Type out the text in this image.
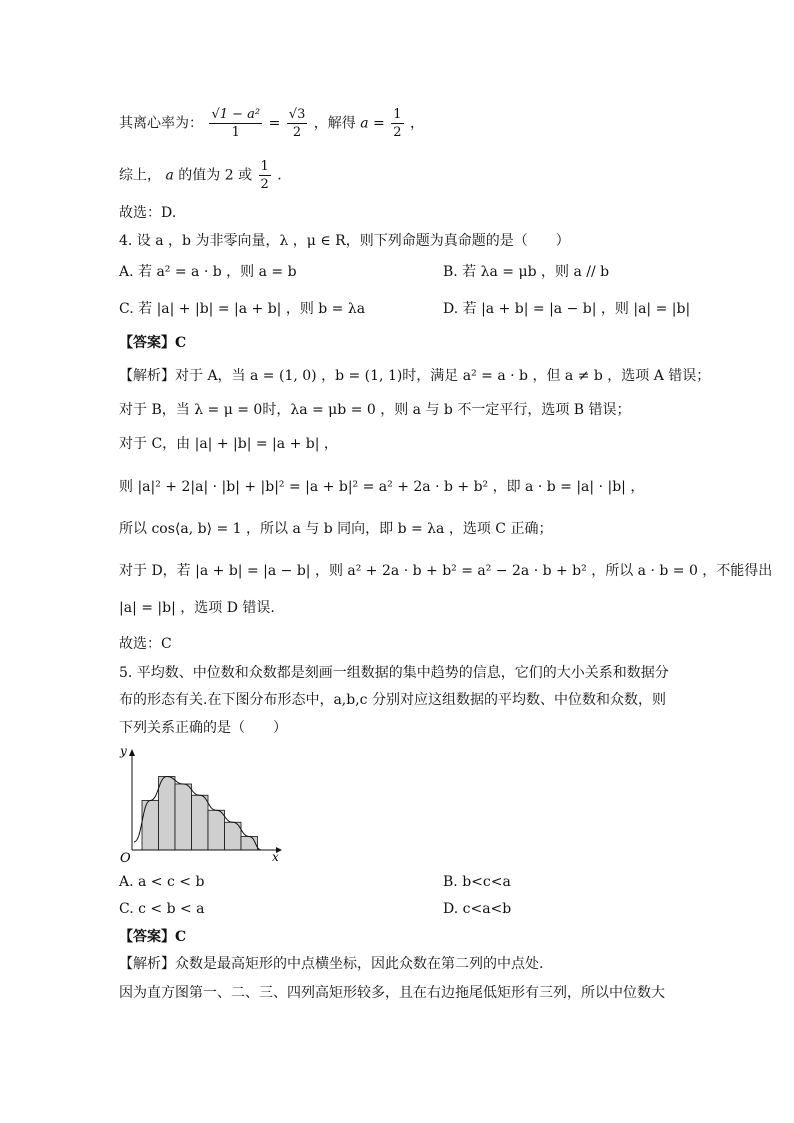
其离心率为： $\frac{\text{√1 − a²}}{1} = \frac{√3}{2}$ ，解得 $a = \frac{1}{2}$ ，
综上， a 的值为 2 或 $\frac{1}{2}$ .
故选：D.
4. 设 a ，b 为非零向量，λ ，μ ∈ R，则下列命题为真命题的是（　　）
A. 若 a² = a · b ，则 a = b	B. 若 λa = μb ，则 a // b
C. 若 |a| + |b| = |a + b| ，则 b = λa	D. 若 |a + b| = |a − b| ，则 |a| = |b|
【答案】C
【解析】对于 A，当 a = (1, 0) ，b = (1, 1)时，满足 a² = a · b ，但 a ≠ b ，选项 A 错误；
对于 B，当 λ = μ = 0时，λa = μb = 0 ，则 a 与 b 不一定平行，选项 B 错误；
对于 C，由 |a| + |b| = |a + b| ，
则 |a|² + 2|a| · |b| + |b|² = |a + b|² = a² + 2a · b + b² ，即 a · b = |a| · |b| ，
所以 cos⟨a, b⟩ = 1 ，所以 a 与 b 同向，即 b = λa ，选项 C 正确；
对于 D，若 |a + b| = |a − b| ，则 a² + 2a · b + b² = a² − 2a · b + b² ，所以 a · b = 0 ，不能得出
|a| = |b| ，选项 D 错误.
故选：C
5. 平均数、中位数和众数都是刻画一组数据的集中趋势的信息，它们的大小关系和数据分
布的形态有关.在下图分布形态中，a,b,c 分别对应这组数据的平均数、中位数和众数，则
下列关系正确的是（　　）
O	x
y
A. a < c < b	B. b<c<a
C. c < b < a	D. c<a<b
【答案】C
【解析】众数是最高矩形的中点横坐标，因此众数在第二列的中点处.
因为直方图第一、二、三、四列高矩形较多，且在右边拖尾低矩形有三列，所以中位数大
